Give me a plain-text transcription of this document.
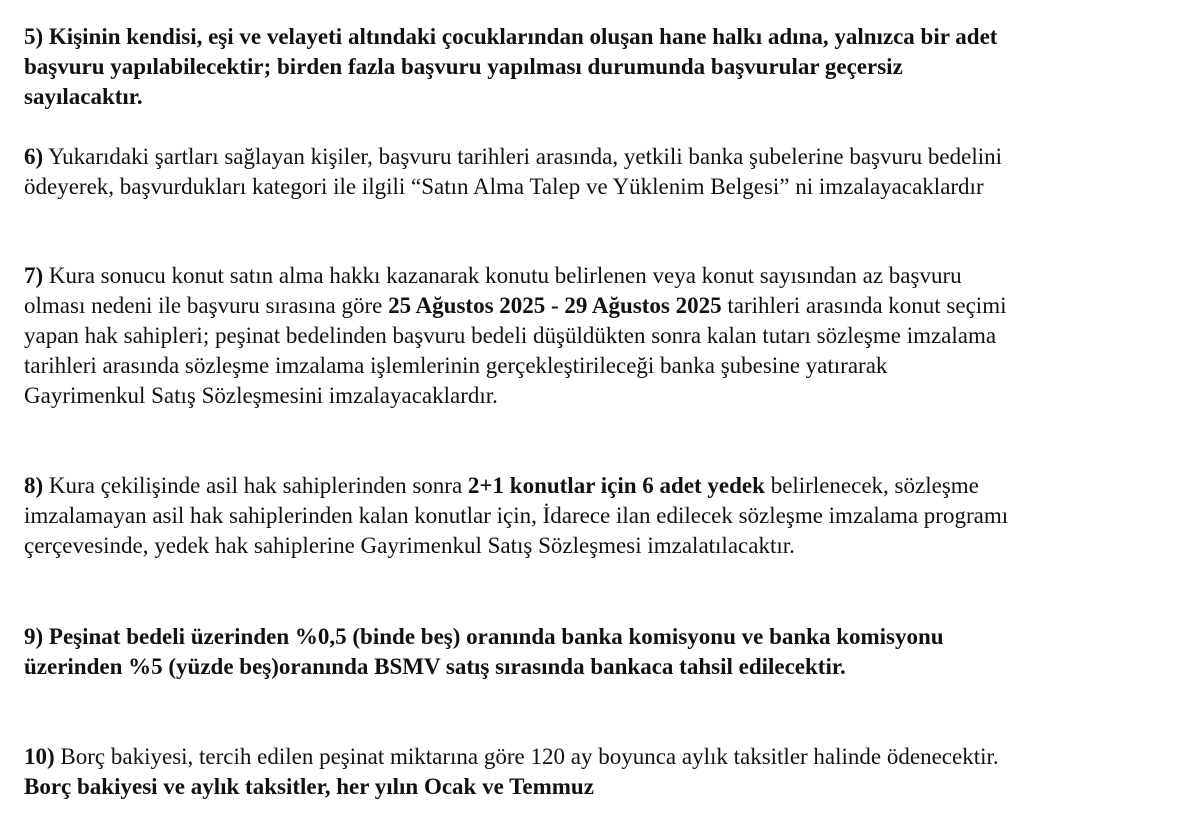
5) Kişinin kendisi, eşi ve velayeti altındaki çocuklarından oluşan hane halkı adına, yalnızca bir adet
başvuru yapılabilecektir; birden fazla başvuru yapılması durumunda başvurular geçersiz
sayılacaktır.
6) Yukarıdaki şartları sağlayan kişiler, başvuru tarihleri arasında, yetkili banka şubelerine başvuru bedelini
ödeyerek, başvurdukları kategori ile ilgili “Satın Alma Talep ve Yüklenim Belgesi” ni imzalayacaklardır
7) Kura sonucu konut satın alma hakkı kazanarak konutu belirlenen veya konut sayısından az başvuru
olması nedeni ile başvuru sırasına göre 25 Ağustos 2025 - 29 Ağustos 2025 tarihleri arasında konut seçimi
yapan hak sahipleri; peşinat bedelinden başvuru bedeli düşüldükten sonra kalan tutarı sözleşme imzalama
tarihleri arasında sözleşme imzalama işlemlerinin gerçekleştirileceği banka şubesine yatırarak
Gayrimenkul Satış Sözleşmesini imzalayacaklardır.
8) Kura çekilişinde asil hak sahiplerinden sonra 2+1 konutlar için 6 adet yedek belirlenecek, sözleşme
imzalamayan asil hak sahiplerinden kalan konutlar için, İdarece ilan edilecek sözleşme imzalama programı
çerçevesinde, yedek hak sahiplerine Gayrimenkul Satış Sözleşmesi imzalatılacaktır.
9) Peşinat bedeli üzerinden %0,5 (binde beş) oranında banka komisyonu ve banka komisyonu
üzerinden %5 (yüzde beş)oranında BSMV satış sırasında bankaca tahsil edilecektir.
10) Borç bakiyesi, tercih edilen peşinat miktarına göre 120 ay boyunca aylık taksitler halinde ödenecektir.
Borç bakiyesi ve aylık taksitler, her yılın Ocak ve Temmuz
